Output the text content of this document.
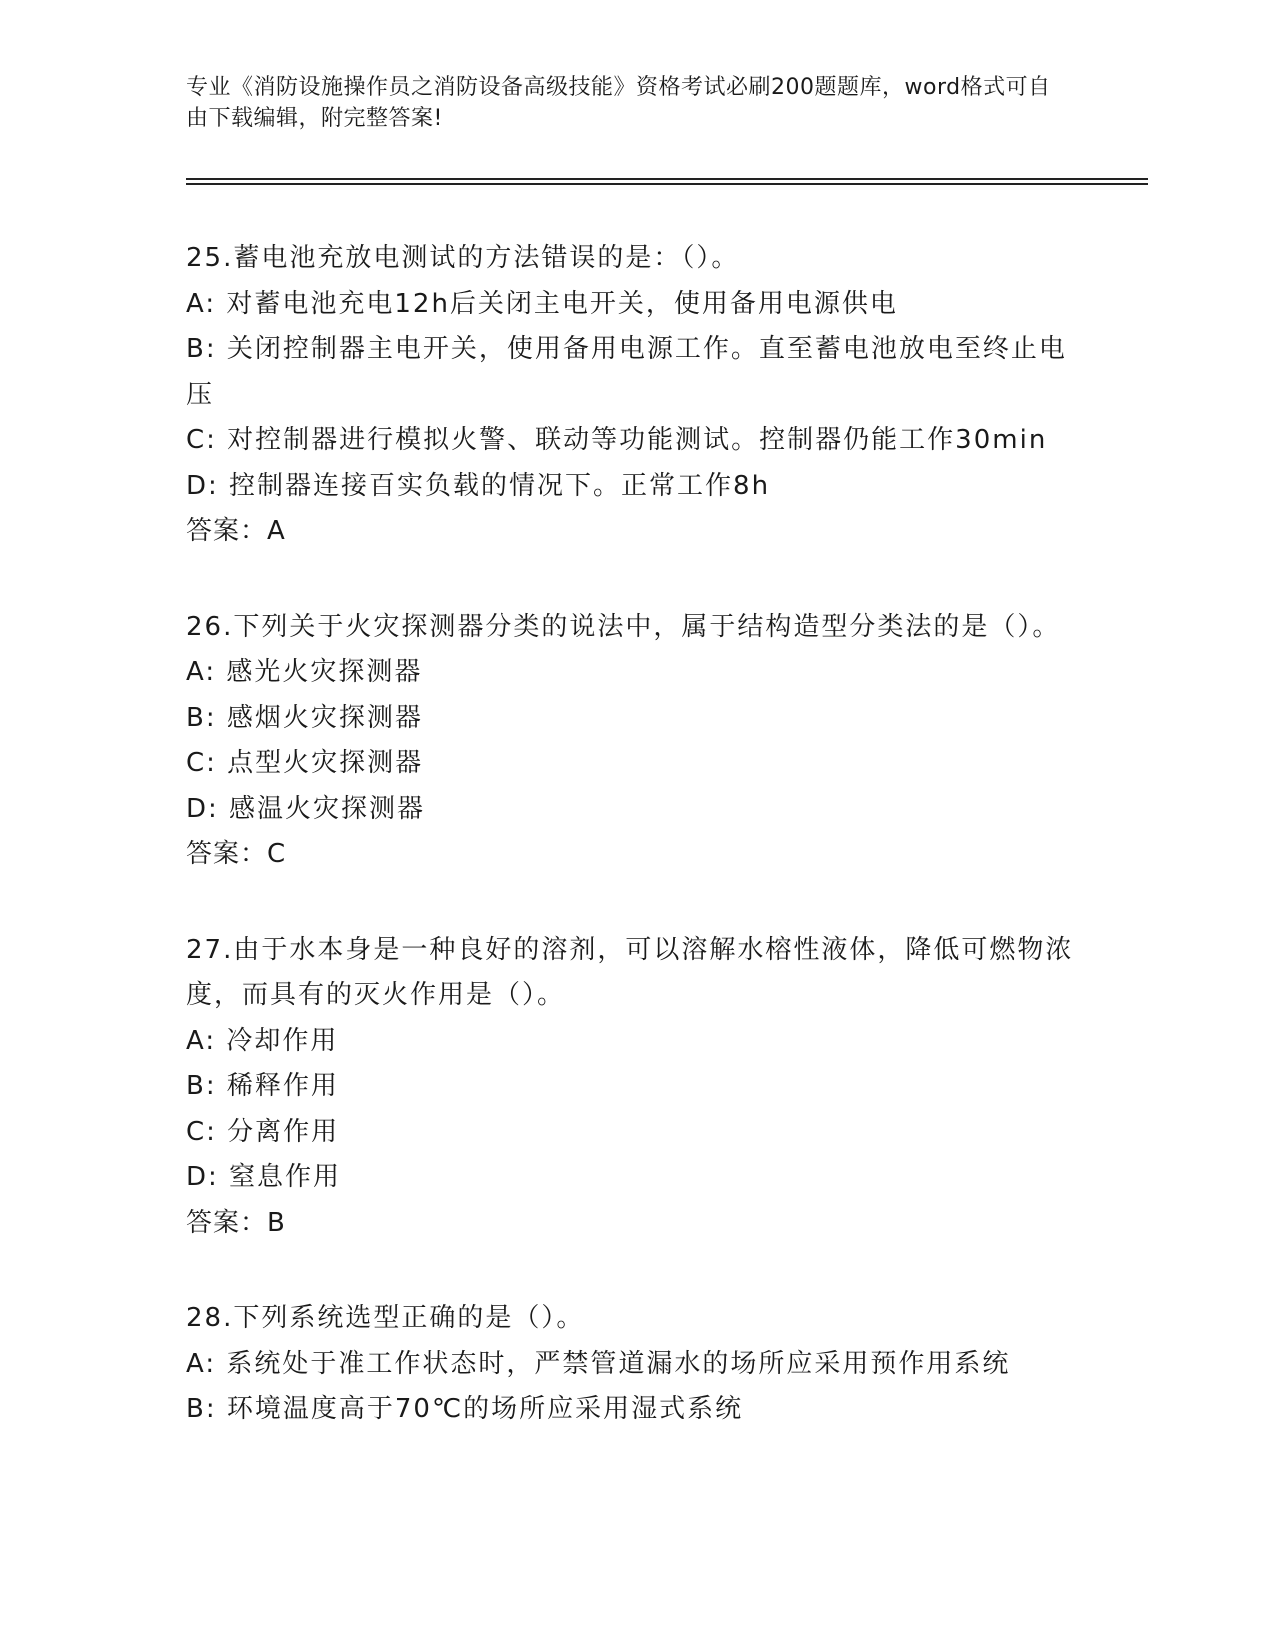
专业《消防设施操作员之消防设备高级技能》资格考试必刷200题题库，word格式可自由下载编辑，附完整答案!
25.蓄电池充放电测试的方法错误的是：（）。
A: 对蓄电池充电12h后关闭主电开关，使用备用电源供电
B: 关闭控制器主电开关，使用备用电源工作。直至蓄电池放电至终止电压
C: 对控制器进行模拟火警、联动等功能测试。控制器仍能工作30min
D: 控制器连接百实负载的情况下。正常工作8h
答案：A
26.下列关于火灾探测器分类的说法中，属于结构造型分类法的是（）。
A: 感光火灾探测器
B: 感烟火灾探测器
C: 点型火灾探测器
D: 感温火灾探测器
答案：C
27.由于水本身是一种良好的溶剂，可以溶解水榕性液体，降低可燃物浓度，而具有的灭火作用是（）。
A: 冷却作用
B: 稀释作用
C: 分离作用
D: 窒息作用
答案：B
28.下列系统选型正确的是（）。
A: 系统处于准工作状态时，严禁管道漏水的场所应采用预作用系统
B: 环境温度高于70℃的场所应采用湿式系统
